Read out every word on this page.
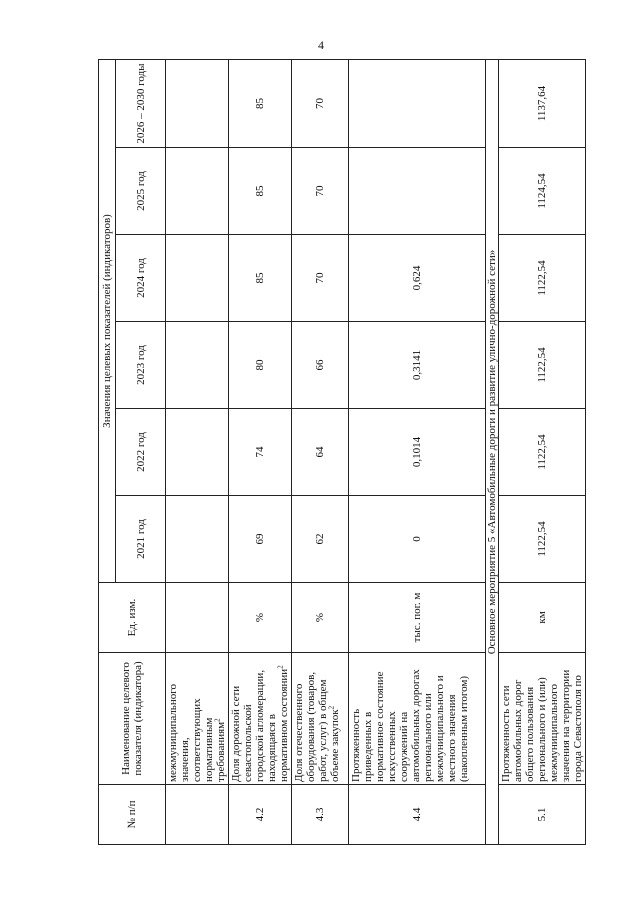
4
№ п/п	Наименование целевого показателя (индикатора)	Ед. изм.	Значения целевых показателей (индикаторов)					
			2021 год	2022 год	2023 год	2024 год	2025 год	2026 – 2030 годы
	межмуниципального значения, соответствующих нормативным требованиям$^2$							
4.2	Доля дорожной сети севастопольской городской агломерации, находящаяся в нормативном состоянии$^2$	%	69	74	80	85	85	85
4.3	Доля отечественного оборудования (товаров, работ, услуг) в общем объеме закупок$^2$	%	62	64	66	70	70	70
4.4	Протяженность приведенных в нормативное состояние искусственных сооружений на автомобильных дорогах регионального или межмуниципального и местного значения (накопленным итогом)	тыс. пог. м	0	0,1014	0,3141	0,624		
Основное мероприятие 5 «Автомобильные дороги и развитие улично-дорожной сети»								
5.1	Протяженность сети автомобильных дорог общего пользования регионального и (или) межмуниципального значения на территории города Севастополя по	км	1122,54	1122,54	1122,54	1122,54	1124,54	1137,64
